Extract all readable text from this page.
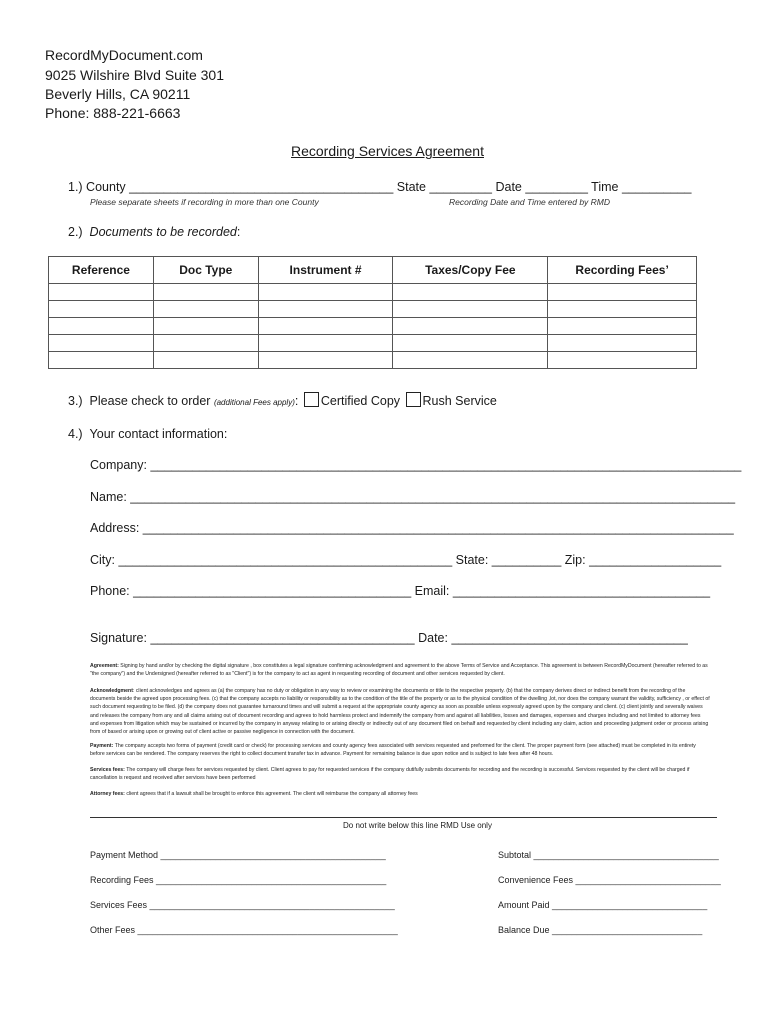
RecordMyDocument.com
9025 Wilshire Blvd Suite 301
Beverly Hills, CA 90211
Phone: 888-221-6663
Recording Services Agreement
1.) County ______________________________________ State _________ Date _________ Time __________
Please separate sheets if recording in more than one County	Recording Date and Time entered by RMD
2.) Documents to be recorded:
Reference	Doc Type	Instrument #	Taxes/Copy Fee	Recording Fees’

3.) Please check to order (additional Fees apply): Certified Copy Rush Service
4.) Your contact information:
Company: _____________________________________________________________________________________
Name: _______________________________________________________________________________________
Address: _____________________________________________________________________________________
City: ________________________________________________ State: __________ Zip: ___________________
Phone: ________________________________________ Email: _____________________________________
Signature: ______________________________________ Date: __________________________________
Agreement: Signing by hand and/or by checking the digital signature , box constitutes a legal signature confirming acknowledgment and agreement to the above Terms of Service and Acceptance. This agreement is between RecordMyDocument (hereafter referred to as "the company") and the Undersigned (hereafter referred to as "Client") is for the company to act as agent in requesting recording of document and other services requested by client.
Acknowledgment: client acknowledges and agrees as (a) the company has no duty or obligation in any way to review or examining the documents or title to the respective property. (b) that the company derives direct or indirect benefit from the recording of the documents beside the agreed upon processing fees. (c) that the company accepts no liability or responsibility as to the condition of the title of the property or as to the physical condition of the dwelling ,lot, nor does the company warrant the validity, sufficiency , or effect of such document requesting to be filed. (d) the company does not guarantee turnaround times and will submit a request at the appropriate county agency as soon as possible unless expressly agreed upon by the company and client. (c) client jointly and severally waives and releases the company from any and all claims arising out of document recording and agrees to hold harmless protect and indemnify the company from and against all liabilities, losses and damages, expenses and charges including and not limited to attorney fees and expenses from litigation which may be sustained or incurred by the company in anyway relating to or arising directly or indirectly out of any document filed on behalf and requested by client including any claim, action and proceeding judgment order or process arising from of based or arising upon or growing out of client active or passive negligence in connection with the document.
Payment: The company accepts two forms of payment (credit card or check) for processing services and county agency fees associated with services requested and preformed for the client. The proper payment form (see attached) must be completed in its entirety before services can be rendered. The company reserves the right to collect document transfer tax in advance. Payment for remaining balance is due upon notice and is subject to late fees after 48 hours.
Services fees: The company will charge fees for services requested by client. Client agrees to pay for requested services if the company dutifully submits documents for recording and the recording is successful. Services requested by the client will be charged if cancellation is request and received after services have been performed
Attorney fees: client agrees that if a lawsuit shall be brought to enforce this agreement. The client will reimburse the company all attorney fees
Do not write below this line RMD Use only
Payment Method _____________________________________________
Recording Fees ______________________________________________
Services Fees _________________________________________________
Other Fees ____________________________________________________
Subtotal _____________________________________
Convenience Fees _____________________________
Amount Paid _______________________________
Balance Due ______________________________
